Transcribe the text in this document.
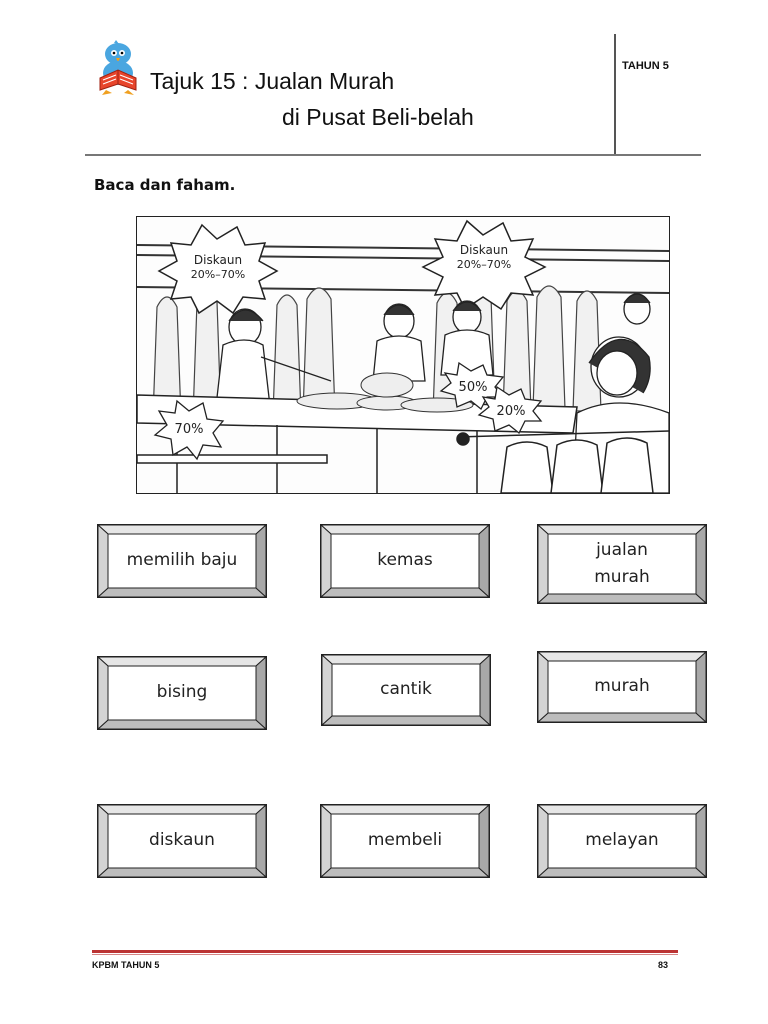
Tajuk 15 : Jualan Murah
di Pusat Beli-belah
TAHUN 5
Baca dan faham.
Diskaun
20%–70%
Diskaun
20%–70%
70%
50%
20%
memilih baju	kemas
jualan murah
bising	cantik	murah
diskaun	membeli	melayan
KPBM TAHUN 5	83
